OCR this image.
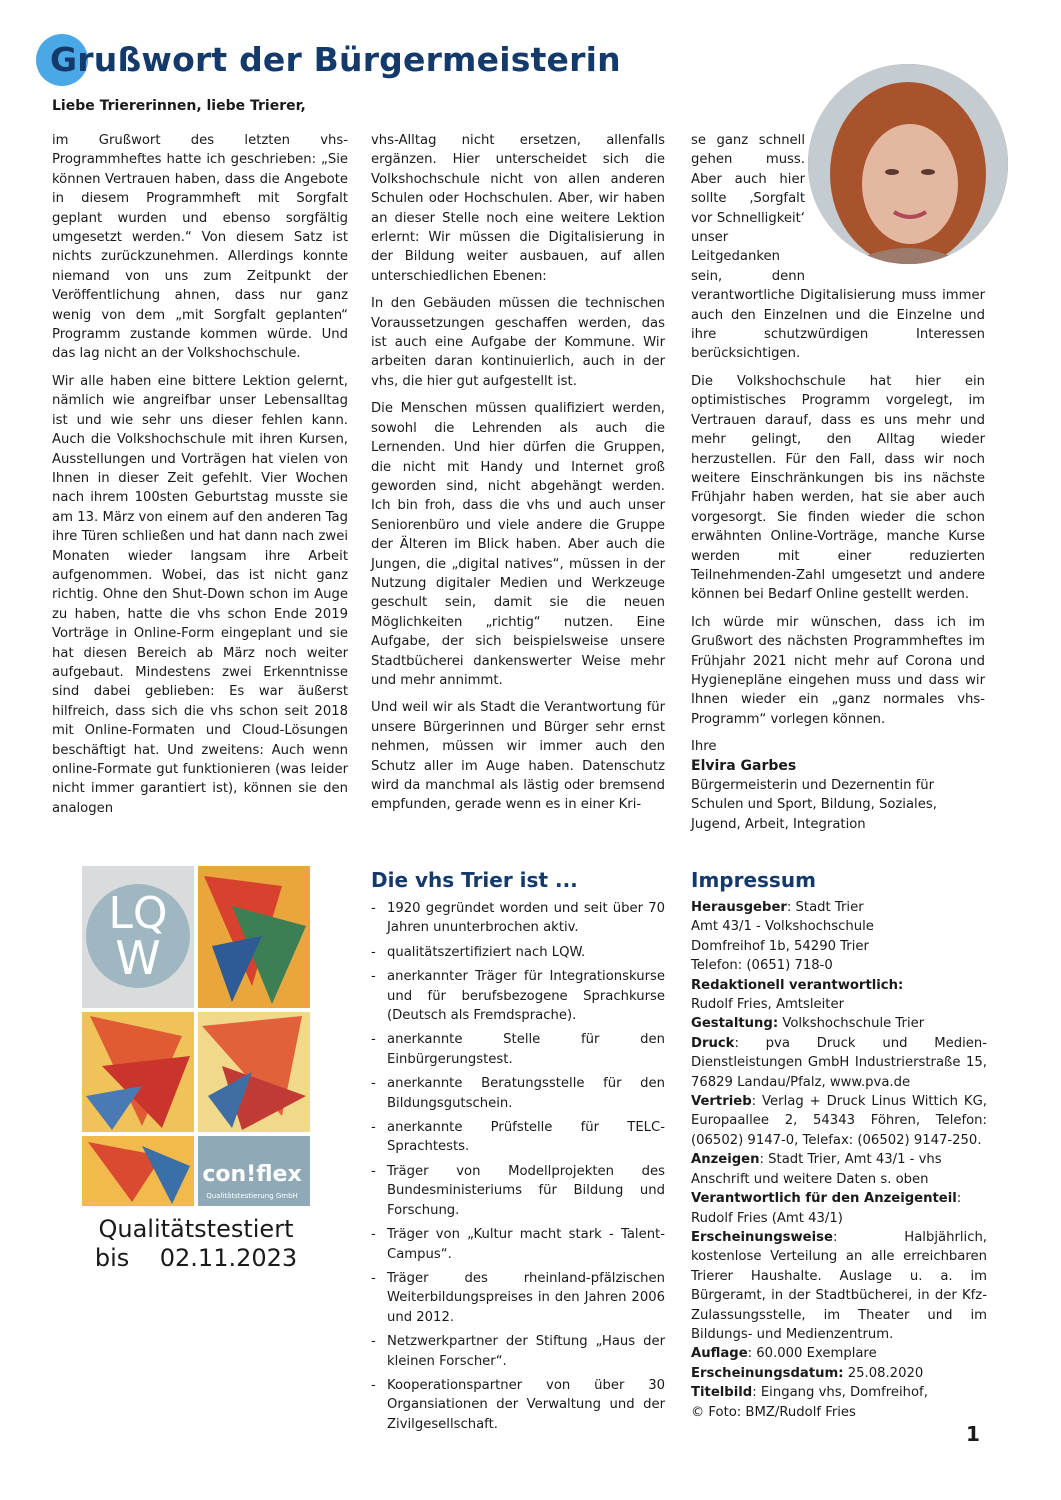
Grußwort der Bürgermeisterin
Liebe Triererinnen, liebe Trierer,

im Grußwort des letzten vhs-Programmheftes hatte ich geschrieben: „Sie können Vertrauen haben, dass die Angebote in diesem Programmheft mit Sorgfalt geplant wurden und ebenso sorgfältig umgesetzt werden.“ Von diesem Satz ist nichts zurückzunehmen. Allerdings konnte niemand von uns zum Zeitpunkt der Veröffentlichung ahnen, dass nur ganz wenig von dem „mit Sorgfalt geplanten“ Programm zustande kommen würde. Und das lag nicht an der Volkshochschule.

Wir alle haben eine bittere Lektion gelernt, nämlich wie angreifbar unser Lebensalltag ist und wie sehr uns dieser fehlen kann. Auch die Volkshochschule mit ihren Kursen, Ausstellungen und Vorträgen hat vielen von Ihnen in dieser Zeit gefehlt. Vier Wochen nach ihrem 100sten Geburtstag musste sie am 13. März von einem auf den anderen Tag ihre Türen schließen und hat dann nach zwei Monaten wieder langsam ihre Arbeit aufgenommen. Wobei, das ist nicht ganz richtig. Ohne den Shut-Down schon im Auge zu haben, hatte die vhs schon Ende 2019 Vorträge in Online-Form eingeplant und sie hat diesen Bereich ab März noch weiter aufgebaut. Mindestens zwei Erkenntnisse sind dabei geblieben: Es war äußerst hilfreich, dass sich die vhs schon seit 2018 mit Online-Formaten und Cloud-Lösungen beschäftigt hat. Und zweitens: Auch wenn online-Formate gut funktionieren (was leider nicht immer garantiert ist), können sie den analogen

vhs-Alltag nicht ersetzen, allenfalls ergänzen. Hier unterscheidet sich die Volkshochschule nicht von allen anderen Schulen oder Hochschulen. Aber, wir haben an dieser Stelle noch eine weitere Lektion erlernt: Wir müssen die Digitalisierung in der Bildung weiter ausbauen, auf allen unterschiedlichen Ebenen:

In den Gebäuden müssen die technischen Voraussetzungen geschaffen werden, das ist auch eine Aufgabe der Kommune. Wir arbeiten daran kontinuierlich, auch in der vhs, die hier gut aufgestellt ist.

Die Menschen müssen qualifiziert werden, sowohl die Lehrenden als auch die Lernenden. Und hier dürfen die Gruppen, die nicht mit Handy und Internet groß geworden sind, nicht abgehängt werden. Ich bin froh, dass die vhs und auch unser Seniorenbüro und viele andere die Gruppe der Älteren im Blick haben. Aber auch die Jungen, die „digital natives“, müssen in der Nutzung digitaler Medien und Werkzeuge geschult sein, damit sie die neuen Möglichkeiten „richtig“ nutzen. Eine Aufgabe, der sich beispielsweise unsere Stadtbücherei dankenswerter Weise mehr und mehr annimmt.

Und weil wir als Stadt die Verantwortung für unsere Bürgerinnen und Bürger sehr ernst nehmen, müssen wir immer auch den Schutz aller im Auge haben. Datenschutz wird da manchmal als lästig oder bremsend empfunden, gerade wenn es in einer Kri-

se ganz schnell gehen muss. Aber auch hier sollte ‚Sorgfalt vor Schnelligkeit‘ unser Leitgedanken sein, denn verantwortliche Digitalisierung muss immer auch den Einzelnen und die Einzelne und ihre schutzwürdigen Interessen berücksichtigen.

Die Volkshochschule hat hier ein optimistisches Programm vorgelegt, im Vertrauen darauf, dass es uns mehr und mehr gelingt, den Alltag wieder herzustellen. Für den Fall, dass wir noch weitere Einschränkungen bis ins nächste Frühjahr haben werden, hat sie aber auch vorgesorgt. Sie finden wieder die schon erwähnten Online-Vorträge, manche Kurse werden mit einer reduzierten Teilnehmenden-Zahl umgesetzt und andere können bei Bedarf Online gestellt werden.

Ich würde mir wünschen, dass ich im Grußwort des nächsten Programmheftes im Frühjahr 2021 nicht mehr auf Corona und Hygienepläne eingehen muss und dass wir Ihnen wieder ein „ganz normales vhs-Programm“ vorlegen können.

Ihre

Elvira Garbes

Bürgermeisterin und Dezernentin für Schulen und Sport, Bildung, Soziales, Jugend, Arbeit, Integration

LQ
W
con!flex
Qualitätstestierung GmbH
Qualitätstestiert
bis    02.11.2023
Die vhs Trier ist ...
- 1920 gegründet worden und seit über 70 Jahren ununterbrochen aktiv.
- qualitätszertifiziert nach LQW.
- anerkannter Träger für Integrationskurse und für berufsbezogene Sprachkurse (Deutsch als Fremdsprache).
- anerkannte Stelle für den Einbürgerungstest.
- anerkannte Beratungsstelle für den Bildungsgutschein.
- anerkannte Prüfstelle für TELC-Sprachtests.
- Träger von Modellprojekten des Bundesministeriums für Bildung und Forschung.
- Träger von „Kultur macht stark - Talent-Campus“.
- Träger des rheinland-pfälzischen Weiterbildungspreises in den Jahren 2006 und 2012.
- Netzwerkpartner der Stiftung „Haus der kleinen Forscher“.
- Kooperationspartner von über 30 Organsiationen der Verwaltung und der Zivilgesellschaft.
Impressum

Herausgeber: Stadt Trier

Amt 43/1 - Volkshochschule

Domfreihof 1b, 54290 Trier

Telefon: (0651) 718-0

Redaktionell verantwortlich:

Rudolf Fries, Amtsleiter

Gestaltung: Volkshochschule Trier

Druck: pva Druck und Medien-Dienstleistungen GmbH Industrierstraße 15, 76829 Landau/Pfalz, www.pva.de

Vertrieb: Verlag + Druck Linus Wittich KG, Europaallee 2, 54343 Föhren, Telefon: (06502) 9147-0, Telefax: (06502) 9147-250.

Anzeigen: Stadt Trier, Amt 43/1 - vhs Anschrift und weitere Daten s. oben

Verantwortlich für den Anzeigenteil:

Rudolf Fries (Amt 43/1)

Erscheinungsweise: Halbjährlich, kostenlose Verteilung an alle erreichbaren Trierer Haushalte. Auslage u. a. im Bürgeramt, in der Stadtbücherei, in der Kfz-Zulassungsstelle, im Theater und im Bildungs- und Medienzentrum.

Auflage: 60.000 Exemplare

Erscheinungsdatum: 25.08.2020

Titelbild: Eingang vhs, Domfreihof,

© Foto: BMZ/Rudolf Fries

1
